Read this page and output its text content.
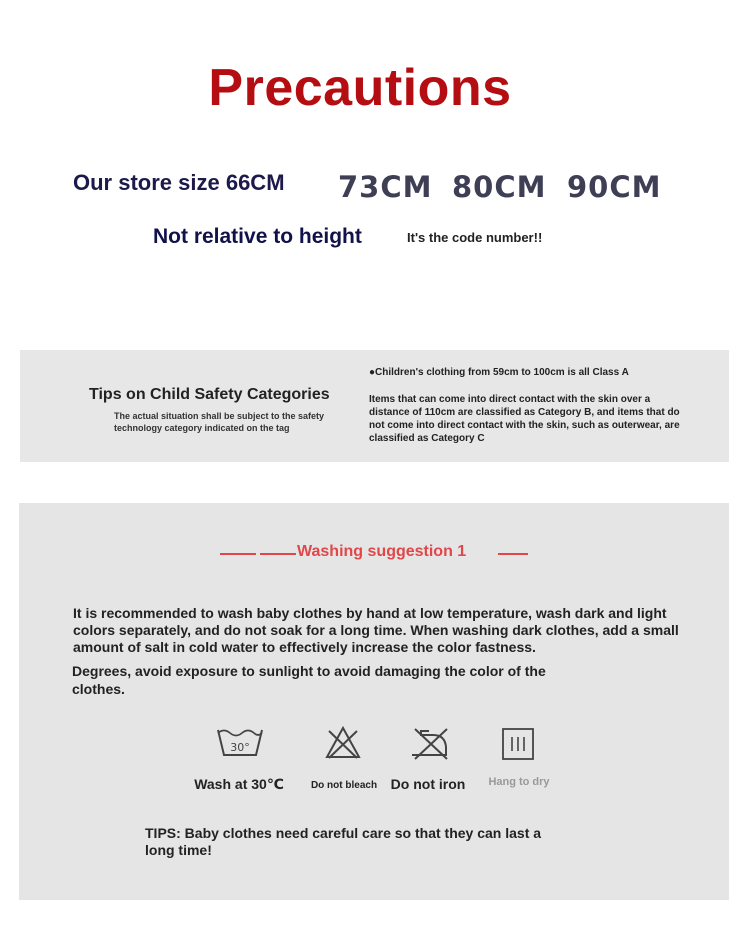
Precautions
Our store size 66CM 73CM 80CM 90CM
Not relative to height	It's the code number!!
Tips on Child Safety Categories
The actual situation shall be subject to the safety technology category indicated on the tag
●Children's clothing from 59cm to 100cm is all Class A
Items that can come into direct contact with the skin over a distance of 110cm are classified as Category B, and items that do not come into direct contact with the skin, such as outerwear, are classified as Category C
Washing suggestion 1
It is recommended to wash baby clothes by hand at low temperature, wash dark and light colors separately, and do not soak for a long time. When washing dark clothes, add a small amount of salt in cold water to effectively increase the color fastness.
Degrees, avoid exposure to sunlight to avoid damaging the color of the clothes.
30°
Wash at 30℃	Do not bleach Do not iron	Hang to dry
TIPS: Baby clothes need careful care so that they can last a long time!
